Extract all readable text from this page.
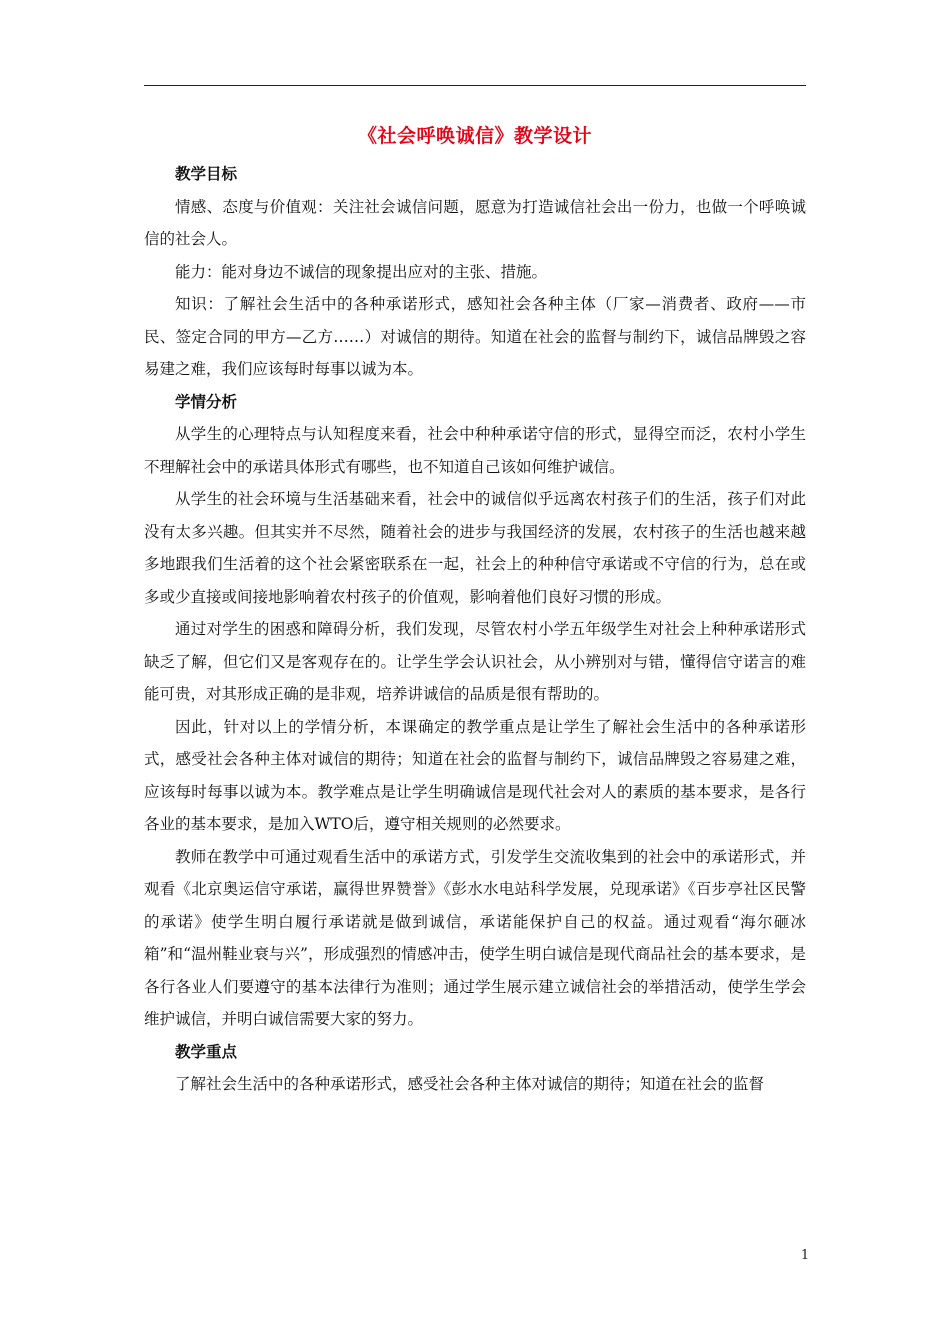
《社会呼唤诚信》教学设计
教学目标

情感、态度与价值观：关注社会诚信问题，愿意为打造诚信社会出一份力，也做一个呼唤诚信的社会人。

能力：能对身边不诚信的现象提出应对的主张、措施。

知识：了解社会生活中的各种承诺形式，感知社会各种主体（厂家—消费者、政府——市民、签定合同的甲方—乙方……）对诚信的期待。知道在社会的监督与制约下，诚信品牌毁之容易建之难，我们应该每时每事以诚为本。

学情分析

从学生的心理特点与认知程度来看，社会中种种承诺守信的形式，显得空而泛，农村小学生不理解社会中的承诺具体形式有哪些，也不知道自己该如何维护诚信。

从学生的社会环境与生活基础来看，社会中的诚信似乎远离农村孩子们的生活，孩子们对此没有太多兴趣。但其实并不尽然，随着社会的进步与我国经济的发展，农村孩子的生活也越来越多地跟我们生活着的这个社会紧密联系在一起，社会上的种种信守承诺或不守信的行为，总在或多或少直接或间接地影响着农村孩子的价值观，影响着他们良好习惯的形成。

通过对学生的困惑和障碍分析，我们发现，尽管农村小学五年级学生对社会上种种承诺形式缺乏了解，但它们又是客观存在的。让学生学会认识社会，从小辨别对与错，懂得信守诺言的难能可贵，对其形成正确的是非观，培养讲诚信的品质是很有帮助的。

因此，针对以上的学情分析，本课确定的教学重点是让学生了解社会生活中的各种承诺形式，感受社会各种主体对诚信的期待；知道在社会的监督与制约下，诚信品牌毁之容易建之难，应该每时每事以诚为本。教学难点是让学生明确诚信是现代社会对人的素质的基本要求，是各行各业的基本要求，是加入WTO后，遵守相关规则的必然要求。

教师在教学中可通过观看生活中的承诺方式，引发学生交流收集到的社会中的承诺形式，并观看《北京奥运信守承诺，赢得世界赞誉》《彭水水电站科学发展，兑现承诺》《百步亭社区民警的承诺》使学生明白履行承诺就是做到诚信，承诺能保护自己的权益。通过观看“海尔砸冰箱”和“温州鞋业衰与兴”，形成强烈的情感冲击，使学生明白诚信是现代商品社会的基本要求，是各行各业人们要遵守的基本法律行为准则；通过学生展示建立诚信社会的举措活动，使学生学会维护诚信，并明白诚信需要大家的努力。

教学重点

了解社会生活中的各种承诺形式，感受社会各种主体对诚信的期待；知道在社会的监督

1
